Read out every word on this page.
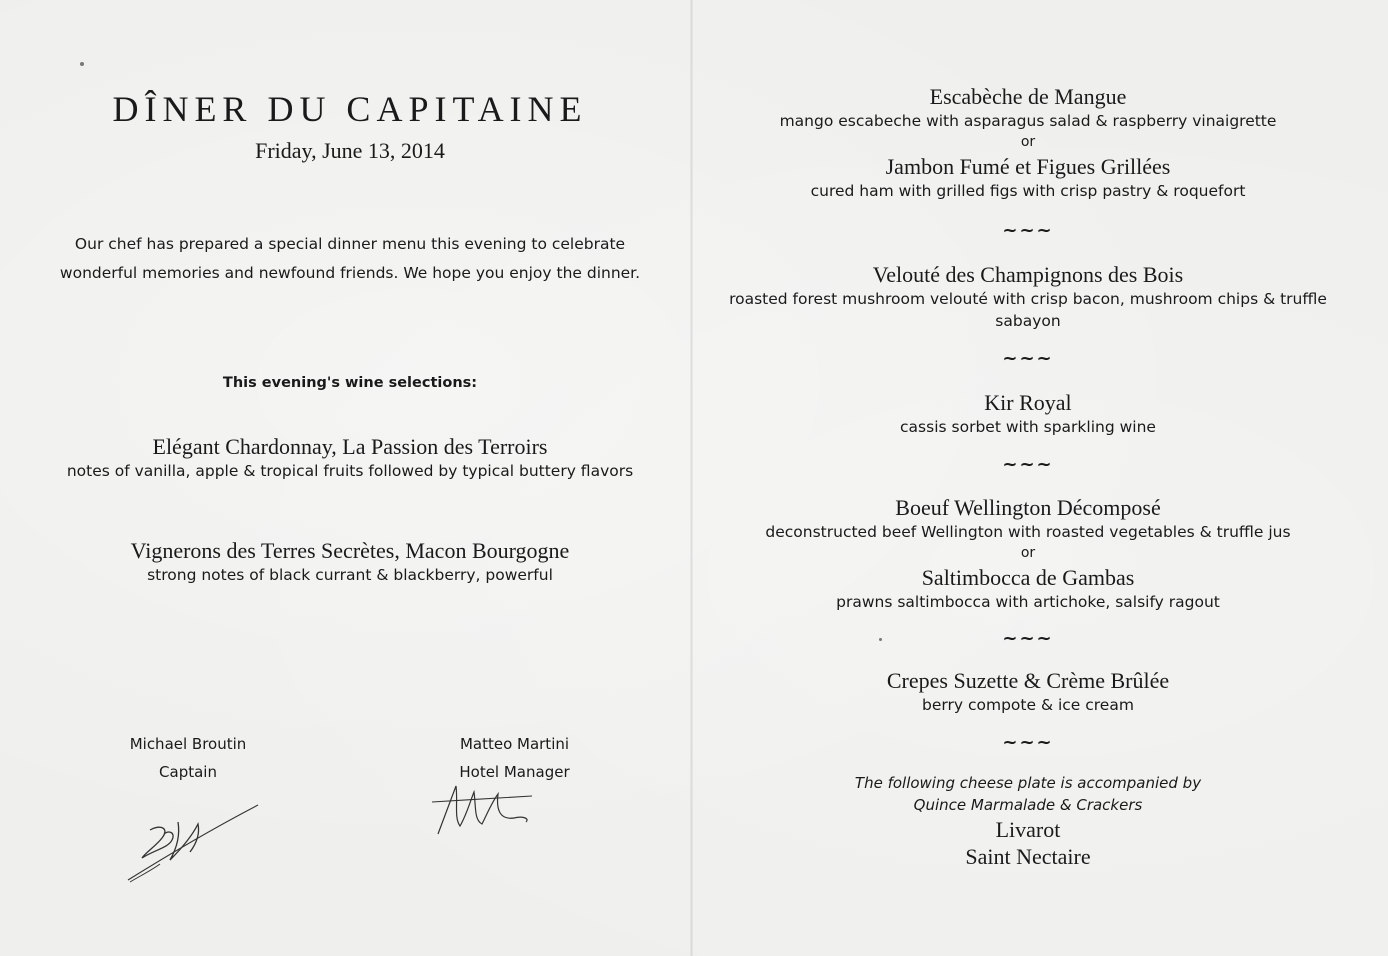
DÎNER DU CAPITAINE
Friday, June 13, 2014
Our chef has prepared a special dinner menu this evening to celebrate
wonderful memories and newfound friends. We hope you enjoy the dinner.
This evening's wine selections:
Elégant Chardonnay, La Passion des Terroirs
notes of vanilla, apple & tropical fruits followed by typical buttery flavors
Vignerons des Terres Secrètes, Macon Bourgogne
strong notes of black currant & blackberry, powerful
Michael Broutin
Captain
Matteo Martini
Hotel Manager
Escabèche de Mangue
mango escabeche with asparagus salad & raspberry vinaigrette
or
Jambon Fumé et Figues Grillées
cured ham with grilled figs with crisp pastry & roquefort
~~~
Velouté des Champignons des Bois
roasted forest mushroom velouté with crisp bacon, mushroom chips & truffle
sabayon
~~~
Kir Royal
cassis sorbet with sparkling wine
~~~
Boeuf Wellington Décomposé
deconstructed beef Wellington with roasted vegetables & truffle jus
or
Saltimbocca de Gambas
prawns saltimbocca with artichoke, salsify ragout
~~~
Crepes Suzette & Crème Brûlée
berry compote & ice cream
~~~
The following cheese plate is accompanied by
Quince Marmalade & Crackers
Livarot
Saint Nectaire
